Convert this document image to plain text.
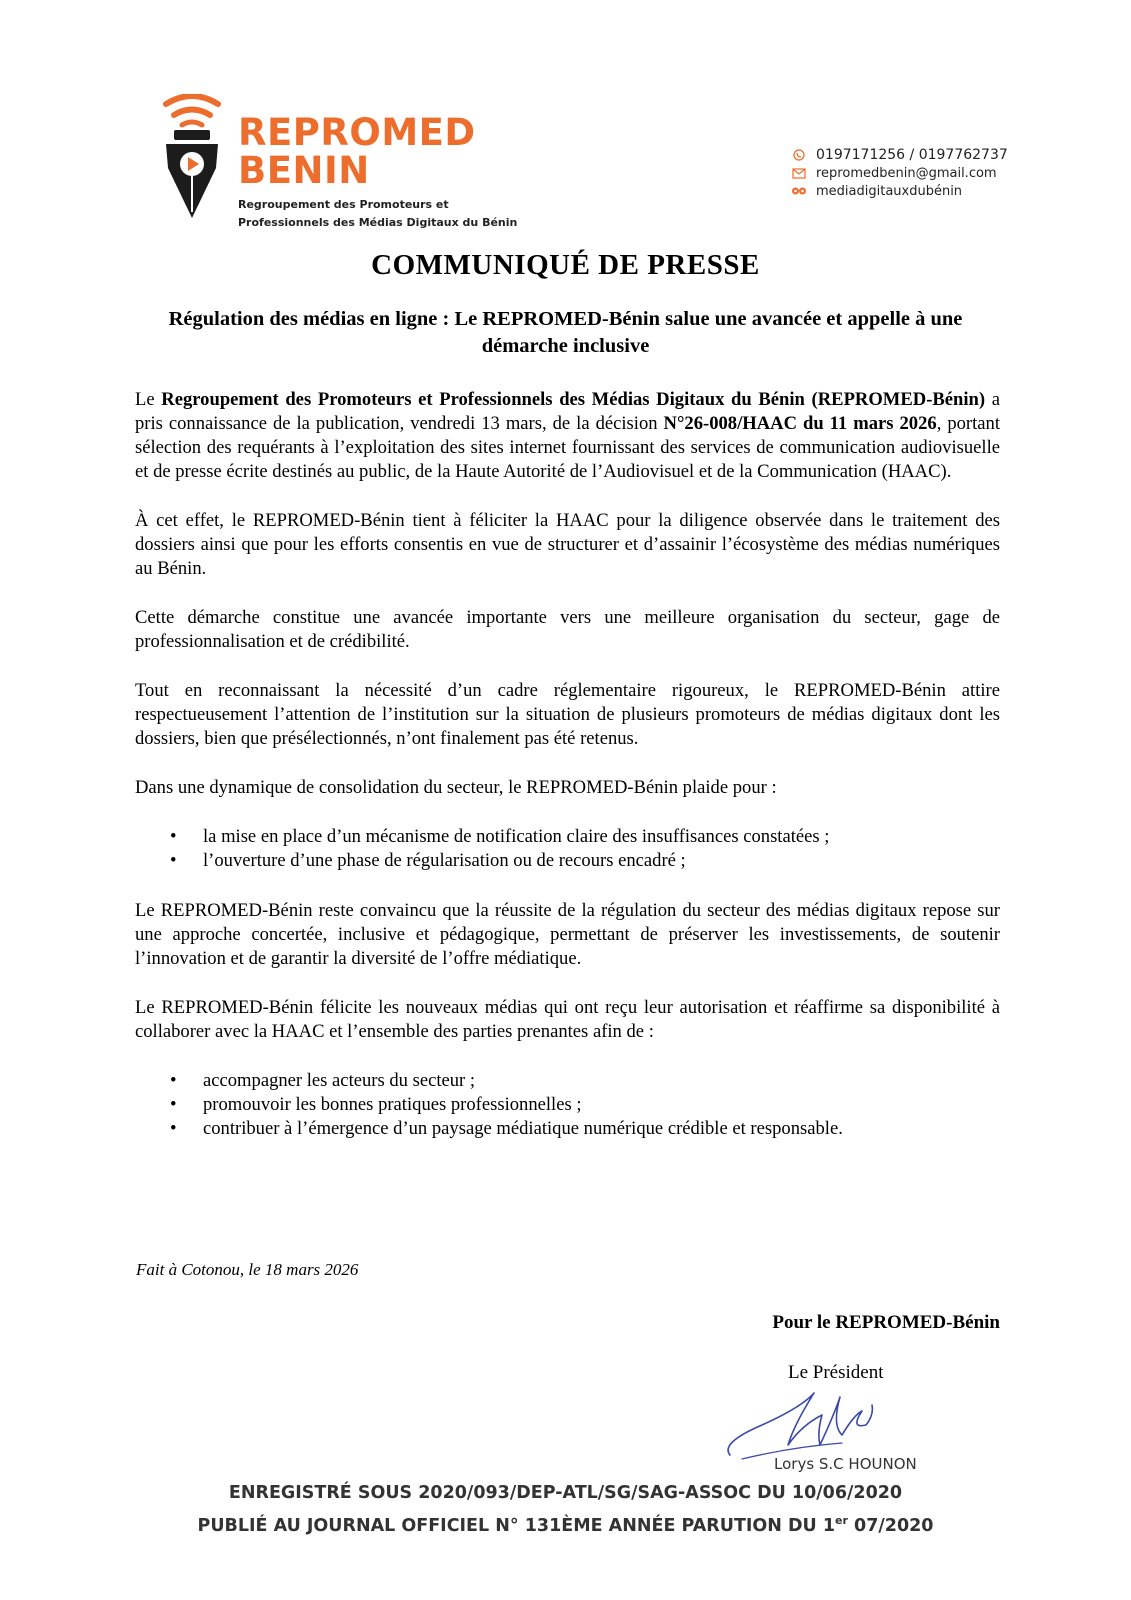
REPROMED
BENIN
Regroupement des Promoteurs et
Professionnels des Médias Digitaux du Bénin
0197171256 / 0197762737
repromedbenin@gmail.com
mediadigitauxdubénin
COMMUNIQUÉ DE PRESSE
Régulation des médias en ligne : Le REPROMED-Bénin salue une avancée et appelle à une démarche inclusive

Le Regroupement des Promoteurs et Professionnels des Médias Digitaux du Bénin (REPROMED-Bénin) a pris connaissance de la publication, vendredi 13 mars, de la décision N°26-008/HAAC du 11 mars 2026, portant sélection des requérants à l’exploitation des sites internet fournissant des services de communication audiovisuelle et de presse écrite destinés au public, de la Haute Autorité de l’Audiovisuel et de la Communication (HAAC).

À cet effet, le REPROMED-Bénin tient à féliciter la HAAC pour la diligence observée dans le traitement des dossiers ainsi que pour les efforts consentis en vue de structurer et d’assainir l’écosystème des médias numériques au Bénin.

Cette démarche constitue une avancée importante vers une meilleure organisation du secteur, gage de professionnalisation et de crédibilité.

Tout en reconnaissant la nécessité d’un cadre réglementaire rigoureux, le REPROMED-Bénin attire respectueusement l’attention de l’institution sur la situation de plusieurs promoteurs de médias digitaux dont les dossiers, bien que présélectionnés, n’ont finalement pas été retenus.

Dans une dynamique de consolidation du secteur, le REPROMED-Bénin plaide pour :

• la mise en place d’un mécanisme de notification claire des insuffisances constatées ;
• l’ouverture d’une phase de régularisation ou de recours encadré ;

Le REPROMED-Bénin reste convaincu que la réussite de la régulation du secteur des médias digitaux repose sur une approche concertée, inclusive et pédagogique, permettant de préserver les investissements, de soutenir l’innovation et de garantir la diversité de l’offre médiatique.

Le REPROMED-Bénin félicite les nouveaux médias qui ont reçu leur autorisation et réaffirme sa disponibilité à collaborer avec la HAAC et l’ensemble des parties prenantes afin de :

• accompagner les acteurs du secteur ;
• promouvoir les bonnes pratiques professionnelles ;
• contribuer à l’émergence d’un paysage médiatique numérique crédible et responsable.
Fait à Cotonou, le 18 mars 2026
Pour le REPROMED-Bénin
Le Président
Lorys S.C HOUNON
ENREGISTRÉ SOUS 2020/093/DEP-ATL/SG/SAG-ASSOC DU 10/06/2020
PUBLIÉ AU JOURNAL OFFICIEL N° 131ÈME ANNÉE PARUTION DU 1er 07/2020
